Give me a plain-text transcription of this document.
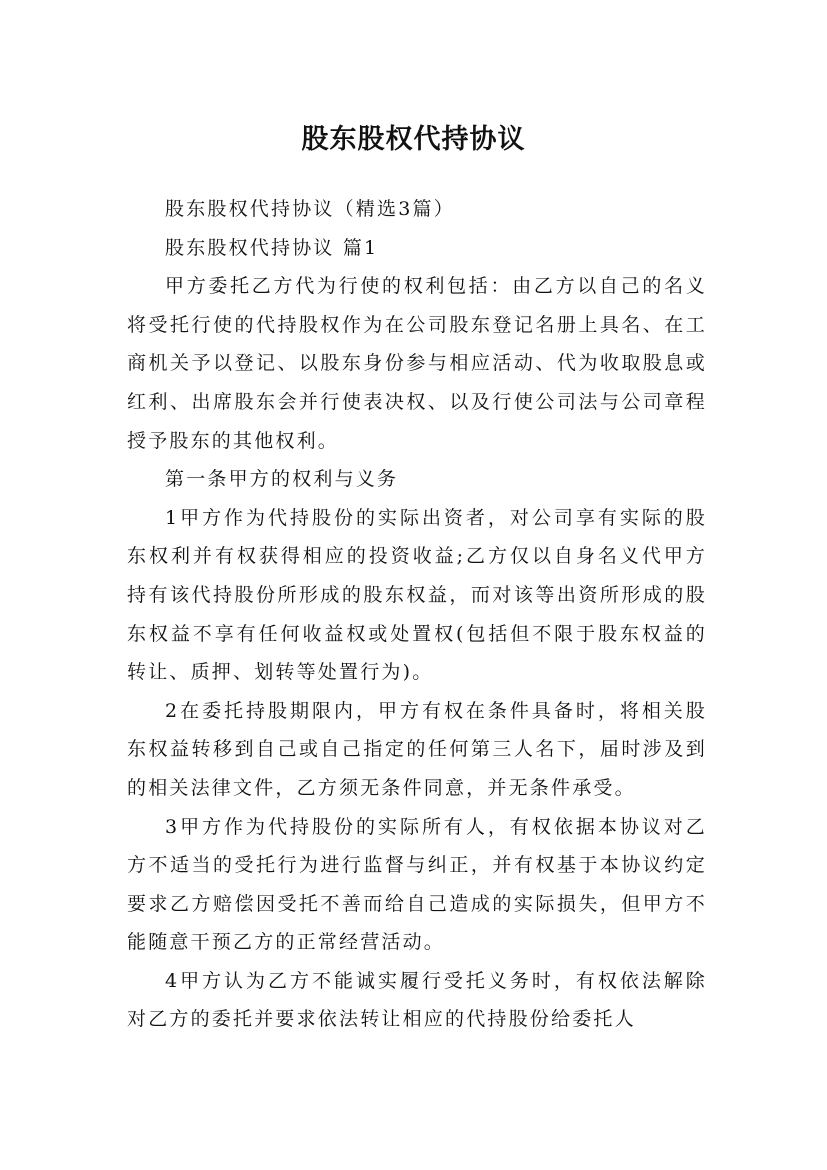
股东股权代持协议

股东股权代持协议（精选3篇）

股东股权代持协议 篇1

甲方委托乙方代为行使的权利包括：由乙方以自己的名义将受托行使的代持股权作为在公司股东登记名册上具名、在工商机关予以登记、以股东身份参与相应活动、代为收取股息或红利、出席股东会并行使表决权、以及行使公司法与公司章程授予股东的其他权利。

第一条甲方的权利与义务

1甲方作为代持股份的实际出资者，对公司享有实际的股东权利并有权获得相应的投资收益;乙方仅以自身名义代甲方持有该代持股份所形成的股东权益，而对该等出资所形成的股东权益不享有任何收益权或处置权(包括但不限于股东权益的转让、质押、划转等处置行为)。

2在委托持股期限内，甲方有权在条件具备时，将相关股东权益转移到自己或自己指定的任何第三人名下，届时涉及到的相关法律文件，乙方须无条件同意，并无条件承受。

3甲方作为代持股份的实际所有人，有权依据本协议对乙方不适当的受托行为进行监督与纠正，并有权基于本协议约定要求乙方赔偿因受托不善而给自己造成的实际损失，但甲方不能随意干预乙方的正常经营活动。

4甲方认为乙方不能诚实履行受托义务时，有权依法解除对乙方的委托并要求依法转让相应的代持股份给委托人
